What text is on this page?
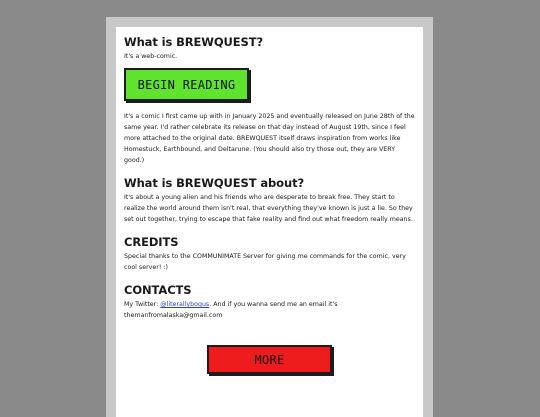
What is BREWQUEST?

It's a web-comic.

BEGIN READING

It's a comic I first came up with in January 2025 and eventually released on June 28th of the same year. I'd rather celebrate its release on that day instead of August 19th, since I feel more attached to the original date. BREWQUEST itself draws inspiration from works like Homestuck, Earthbound, and Deltarune. (You should also try those out, they are VERY good.)

What is BREWQUEST about?

It's about a young alien and his friends who are desperate to break free. They start to realize the world around them isn't real, that everything they've known is just a lie. So they set out together, trying to escape that fake reality and find out what freedom really means.

CREDITS

Special thanks to the COMMUNIMATE Server for giving me commands for the comic, very cool server! :)

CONTACTS

My Twitter: @literallybogus. And if you wanna send me an email it's
themanfromalaska@gmail.com

MORE
